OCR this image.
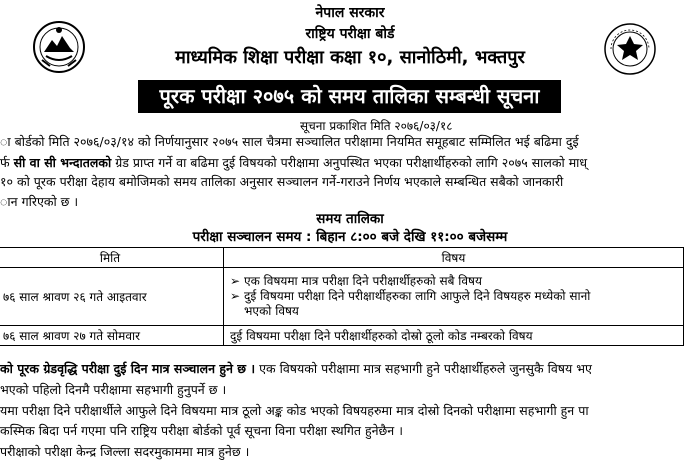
नेपाल सरकार
राष्ट्रिय परीक्षा बोर्ड
माध्यमिक शिक्षा परीक्षा कक्षा १०, सानोठिमी, भक्तपुर
पूरक परीक्षा २०७५ को समय तालिका सम्बन्धी सूचना
सूचना प्रकाशित मिति २०७६/०३/१८
ा बोर्डको मिति २०७६/०३/१४ को निर्णयानुसार २०७५ साल चैत्रमा सञ्चालित परीक्षामा नियमित समूहबाट सम्मिलित भई बढिमा दुई
र्फ सी वा सी भन्दातलको ग्रेड प्राप्त गर्ने वा बढिमा दुई विषयको परीक्षामा अनुपस्थित भएका परीक्षार्थीहरुको लागि २०७५ सालको माध्
१० को पूरक परीक्षा देहाय बमोजिमको समय तालिका अनुसार सञ्चालन गर्ने-गराउने निर्णय भएकाले सम्बन्धित सबैको जानकारी
ान गरिएको छ ।
समय तालिका
परीक्षा सञ्चालन समय : बिहान ८:०० बजे देखि ११:०० बजेसम्म
मिति	विषय
७६ साल श्रावण २६ गते आइतवार	➢ एक विषयमा मात्र परीक्षा दिने परीक्षार्थीहरुको सबै विषय
➢ दुई विषयमा परीक्षा दिने परीक्षार्थीहरुका लागि आफुले दिने विषयहरु मध्येको सानो
भएको विषय

७६ साल श्रावण २७ गते सोमवार	दुई विषयमा परीक्षा दिने परीक्षार्थीहरुको दोस्रो ठूलो कोड नम्बरको विषय
को पूरक ग्रेडवृद्धि परीक्षा दुई दिन मात्र सञ्चालन हुने छ । एक विषयको परीक्षामा मात्र सहभागी हुने परीक्षार्थीहरुले जुनसुकै विषय भए
भएको पहिलो दिनमै परीक्षामा सहभागी हुनुपर्ने छ ।
यमा परीक्षा दिने परीक्षार्थीले आफुले दिने विषयमा मात्र ठूलो अङ्क कोड भएको विषयहरुमा मात्र दोस्रो दिनको परीक्षामा सहभागी हुन पा
कस्मिक बिदा पर्न गएमा पनि राष्ट्रिय परीक्षा बोर्डको पूर्व सूचना विना परीक्षा स्थगित हुनेछैन ।
परीक्षाको परीक्षा केन्द्र जिल्ला सदरमुकाममा मात्र हुनेछ ।
